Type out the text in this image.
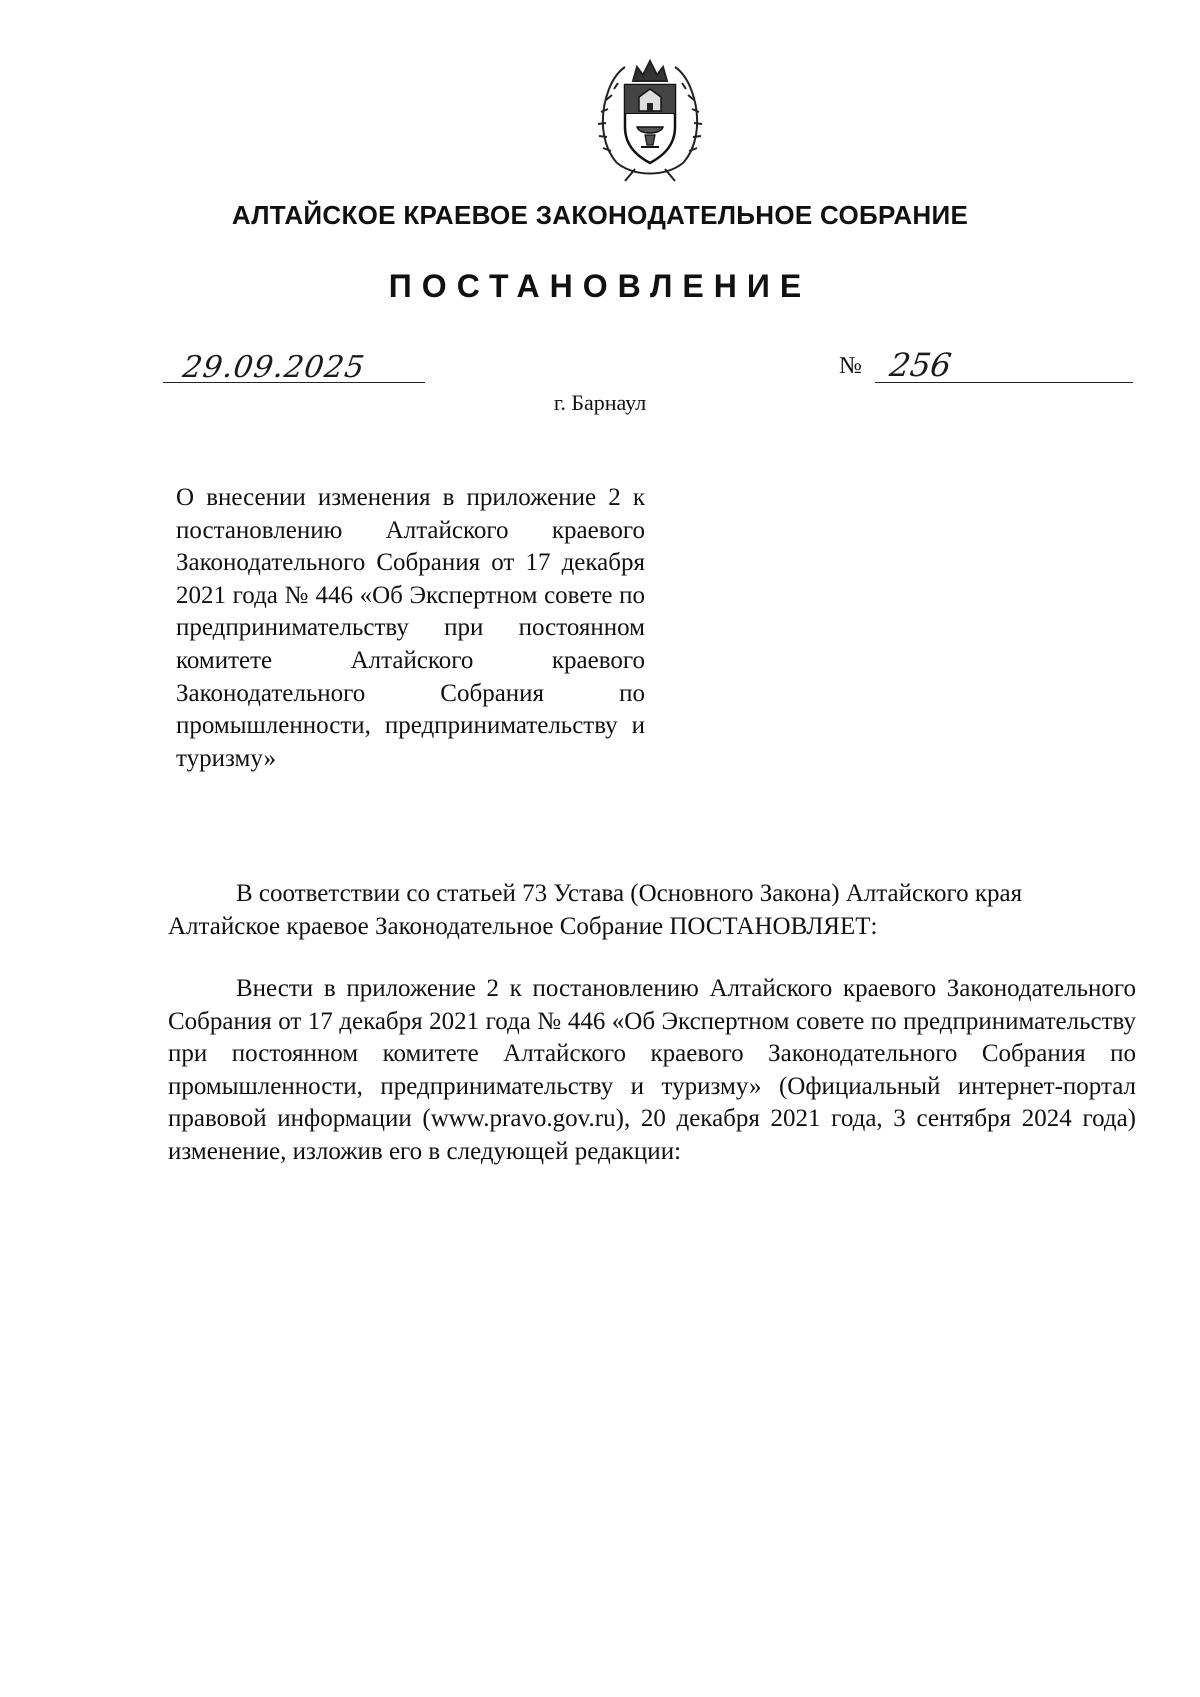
АЛТАЙСКОЕ КРАЕВОЕ ЗАКОНОДАТЕЛЬНОЕ СОБРАНИЕ
ПОСТАНОВЛЕНИЕ
29.09.2025	№ 256
г. Барнаул
О внесении изменения в приложение 2 к постановлению Алтайского краевого Законодательного Собрания от 17 декабря 2021 года № 446 «Об Экспертном совете по предпринимательству при постоянном комитете Алтайского краевого Законодательного Собрания по промышленности, предпринимательству и туризму»
В соответствии со статьей 73 Устава (Основного Закона) Алтайского края Алтайское краевое Законодательное Собрание ПОСТАНОВЛЯЕТ:
Внести в приложение 2 к постановлению Алтайского краевого Законодательного Собрания от 17 декабря 2021 года № 446 «Об Экспертном совете по предпринимательству при постоянном комитете Алтайского краевого Законодательного Собрания по промышленности, предпринимательству и туризму» (Официальный интернет-портал правовой информации (www.pravo.gov.ru), 20 декабря 2021 года, 3 сентября 2024 года) изменение, изложив его в следующей редакции:
